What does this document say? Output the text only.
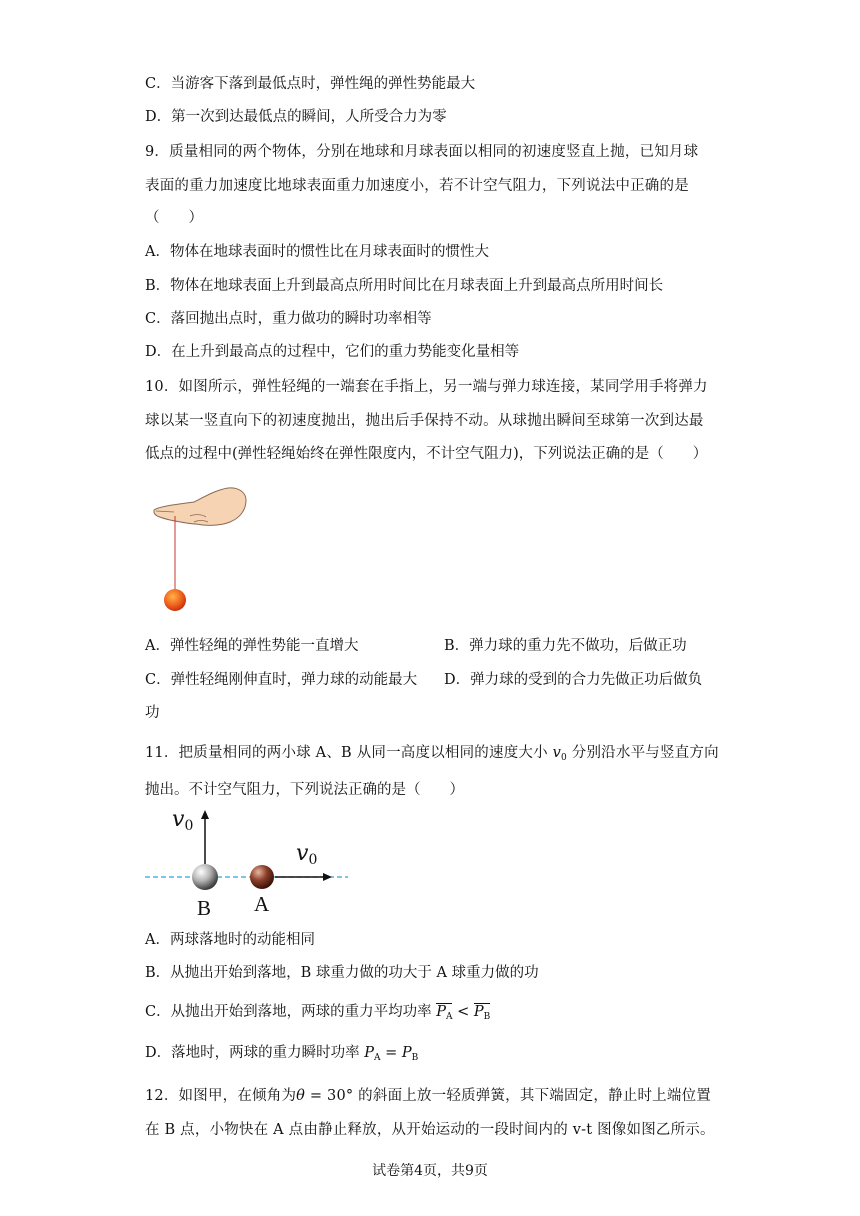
C．当游客下落到最低点时，弹性绳的弹性势能最大
D．第一次到达最低点的瞬间，人所受合力为零
9．质量相同的两个物体，分别在地球和月球表面以相同的初速度竖直上抛，已知月球
表面的重力加速度比地球表面重力加速度小，若不计空气阻力，下列说法中正确的是
（　　）
A．物体在地球表面时的惯性比在月球表面时的惯性大
B．物体在地球表面上升到最高点所用时间比在月球表面上升到最高点所用时间长
C．落回抛出点时，重力做功的瞬时功率相等
D．在上升到最高点的过程中，它们的重力势能变化量相等
10．如图所示，弹性轻绳的一端套在手指上，另一端与弹力球连接，某同学用手将弹力
球以某一竖直向下的初速度抛出，抛出后手保持不动。从球抛出瞬间至球第一次到达最
低点的过程中(弹性轻绳始终在弹性限度内，不计空气阻力)，下列说法正确的是（　　）
A．弹性轻绳的弹性势能一直增大	B．弹力球的重力先不做功，后做正功
C．弹性轻绳刚伸直时，弹力球的动能最大 D．弹力球的受到的合力先做正功后做负
功
11．把质量相同的两小球 A、B 从同一高度以相同的速度大小 $v_0$ 分别沿水平与竖直方向
抛出。不计空气阻力，下列说法正确的是（　　）
v0
v0
B A
A．两球落地时的动能相同
B．从抛出开始到落地，B 球重力做的功大于 A 球重力做的功
C．从抛出开始到落地，两球的重力平均功率 $P_A < P_B$
D．落地时，两球的重力瞬时功率 $P_A = P_B$
12．如图甲，在倾角为θ = 30° 的斜面上放一轻质弹簧，其下端固定，静止时上端位置
在 B 点，小物快在 A 点由静止释放，从开始运动的一段时间内的 v-t 图像如图乙所示。
试卷第4页，共9页
